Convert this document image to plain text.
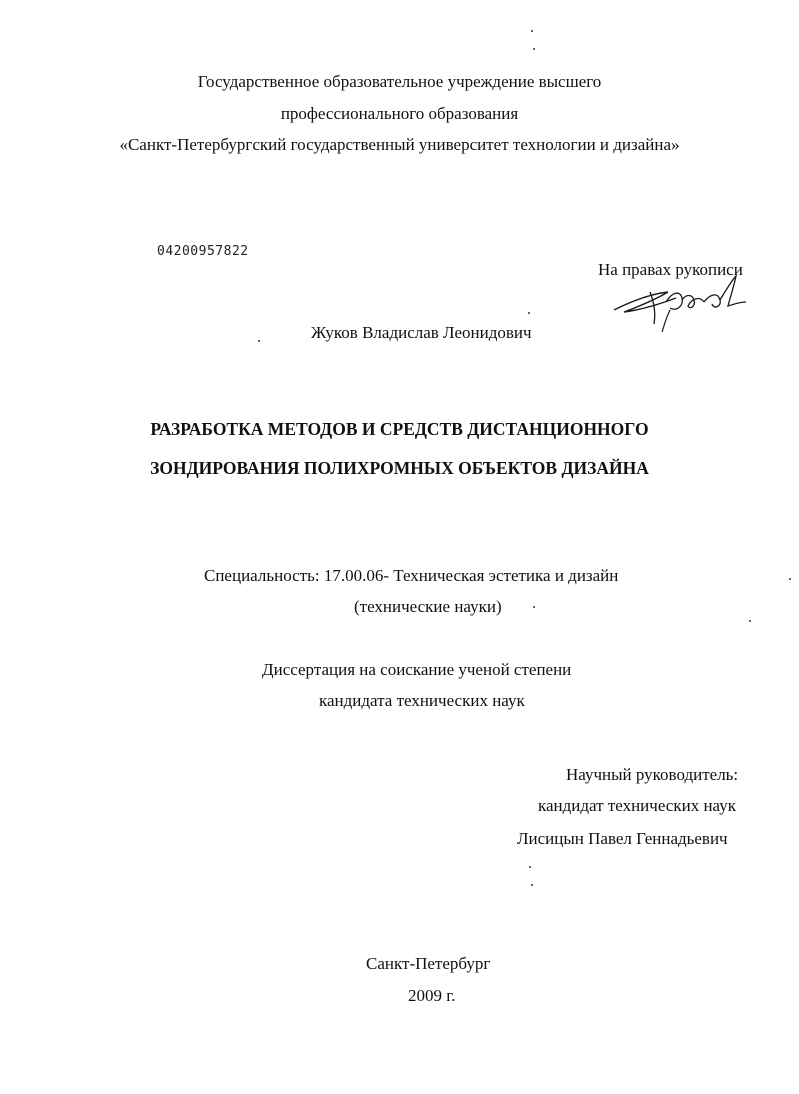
Государственное образовательное учреждение высшего
профессионального образования
«Санкт-Петербургский государственный университет технологии и дизайна»
04200957822
На правах рукописи
Жуков Владислав Леонидович
РАЗРАБОТКА МЕТОДОВ И СРЕДСТВ ДИСТАНЦИОННОГО
ЗОНДИРОВАНИЯ ПОЛИХРОМНЫХ ОБЪЕКТОВ ДИЗАЙНА
Специальность: 17.00.06- Техническая эстетика и дизайн
(технические науки)
Диссертация на соискание ученой степени
кандидата технических наук
Научный руководитель:
кандидат технических наук
Лисицын Павел Геннадьевич
Санкт-Петербург
2009 г.
